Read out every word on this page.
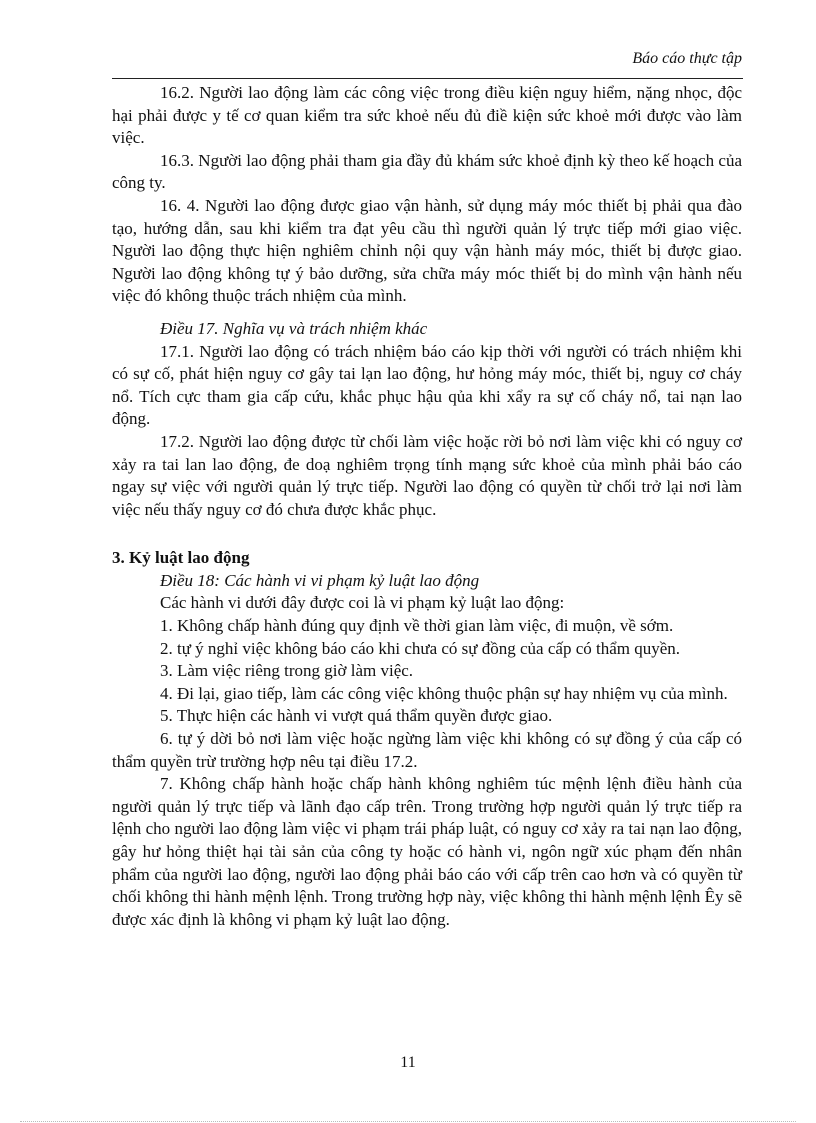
Báo cáo thực tập

16.2. Người lao động làm các công việc trong điều kiện nguy hiểm, nặng nhọc, độc hại phải được y tế cơ quan kiểm tra sức khoẻ nếu đủ điề kiện sức khoẻ mới được vào làm việc.

16.3. Người lao động phải tham gia đầy đủ khám sức khoẻ định kỳ theo kế hoạch của công ty.

16. 4. Người lao động được giao vận hành, sử dụng máy móc thiết bị phải qua đào tạo, hướng dẫn, sau khi kiểm tra đạt yêu cầu thì người quản lý trực tiếp mới giao việc. Người lao động thực hiện nghiêm chỉnh nội quy vận hành máy móc, thiết bị được giao. Người lao động không tự ý bảo dưỡng, sửa chữa máy móc thiết bị do mình vận hành nếu việc đó không thuộc trách nhiệm của mình.

Điều 17. Nghĩa vụ và trách nhiệm khác

17.1. Người lao động có trách nhiệm báo cáo kịp thời với người có trách nhiệm khi có sự cố, phát hiện nguy cơ gây tai lạn lao động, hư hỏng máy móc, thiết bị, nguy cơ cháy nổ. Tích cực tham gia cấp cứu, khắc phục hậu qủa khi xẩy ra sự cố cháy nổ, tai nạn lao động.

17.2. Người lao động được từ chối làm việc hoặc rời bỏ nơi làm việc khi có nguy cơ xảy ra tai lan lao động, đe doạ nghiêm trọng tính mạng sức khoẻ của mình phải báo cáo ngay sự việc với người quản lý trực tiếp. Người lao động có quyền từ chối trở lại nơi làm việc nếu thấy nguy cơ đó chưa được khắc phục.

3. Kỷ luật lao động

Điều 18: Các hành vi vi phạm kỷ luật lao động

Các hành vi dưới đây được coi là vi phạm kỷ luật lao động:

1. Không chấp hành đúng quy định về thời gian làm việc, đi muộn, về sớm.

2. tự ý nghỉ việc không báo cáo khi chưa có sự đồng của cấp có thẩm quyền.

3. Làm việc riêng trong giờ làm việc.

4. Đi lại, giao tiếp, làm các công việc không thuộc phận sự hay nhiệm vụ của mình.

5. Thực hiện các hành vi vượt quá thẩm quyền được giao.

6. tự ý dời bỏ nơi làm việc hoặc ngừng làm việc khi không có sự đồng ý của cấp có thẩm quyền trừ trường hợp nêu tại điều 17.2.

7. Không chấp hành hoặc chấp hành không nghiêm túc mệnh lệnh điều hành của người quản lý trực tiếp và lãnh đạo cấp trên. Trong trường hợp người quản lý trực tiếp ra lệnh cho người lao động làm việc vi phạm trái pháp luật, có nguy cơ xảy ra tai nạn lao động, gây hư hỏng thiệt hại tài sản của công ty hoặc có hành vi, ngôn ngữ xúc phạm đến nhân phẩm của người lao động, người lao động phải báo cáo với cấp trên cao hơn và có quyền từ chối không thi hành mệnh lệnh. Trong trường hợp này, việc không thi hành mệnh lệnh Êy sẽ được xác định là không vi phạm kỷ luật lao động.

11
